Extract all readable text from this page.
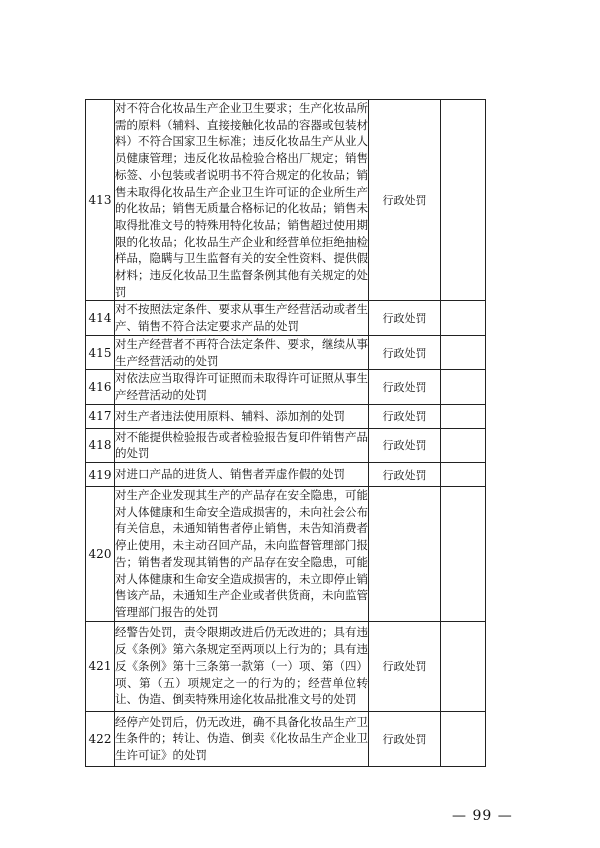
413	对不符合化妆品生产企业卫生要求；生产化妆品所需的原料（辅料、直接接触化妆品的容器或包装材料）不符合国家卫生标准；违反化妆品生产从业人员健康管理；违反化妆品检验合格出厂规定；销售标签、小包装或者说明书不符合规定的化妆品；销售未取得化妆品生产企业卫生许可证的企业所生产的化妆品；销售无质量合格标记的化妆品；销售未取得批准文号的特殊用特化妆品；销售超过使用期限的化妆品；化妆品生产企业和经营单位拒绝抽检样品，隐瞒与卫生监督有关的安全性资料、提供假材料；违反化妆品卫生监督条例其他有关规定的处罚	行政处罚	
414	对不按照法定条件、要求从事生产经营活动或者生产、销售不符合法定要求产品的处罚	行政处罚	
415	对生产经营者不再符合法定条件、要求，继续从事生产经营活动的处罚	行政处罚	
416	对依法应当取得许可证照而未取得许可证照从事生产经营活动的处罚	行政处罚	
417	对生产者违法使用原料、辅料、添加剂的处罚	行政处罚	
418	对不能提供检验报告或者检验报告复印件销售产品的处罚	行政处罚	
419	对进口产品的进货人、销售者弄虚作假的处罚	行政处罚	
420	对生产企业发现其生产的产品存在安全隐患，可能对人体健康和生命安全造成损害的，未向社会公布有关信息，未通知销售者停止销售，未告知消费者停止使用，未主动召回产品，未向监督管理部门报告；销售者发现其销售的产品存在安全隐患，可能对人体健康和生命安全造成损害的，未立即停止销售该产品，未通知生产企业或者供货商，未向监管管理部门报告的处罚		
421	经警告处罚，责令限期改进后仍无改进的；具有违反《条例》第六条规定至两项以上行为的；具有违反《条例》第十三条第一款第（一）项、第（四）项、第（五）项规定之一的行为的；经营单位转让、伪造、倒卖特殊用途化妆品批准文号的处罚	行政处罚	
422	经停产处罚后，仍无改进，确不具备化妆品生产卫生条件的；转让、伪造、倒卖《化妆品生产企业卫生许可证》的处罚	行政处罚	
— 99 —
